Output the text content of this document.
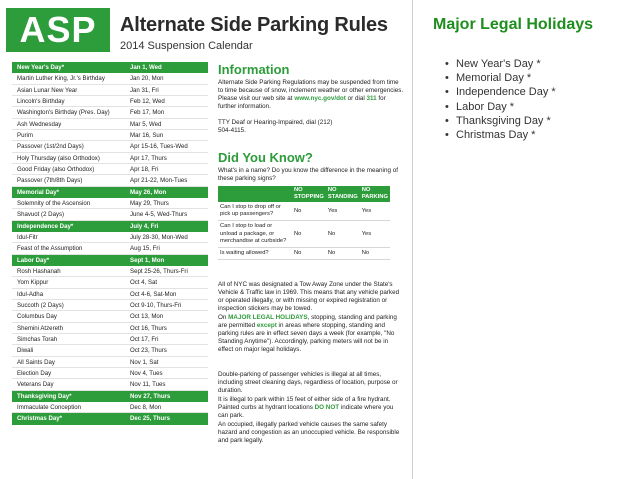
ASP	Alternate Side Parking Rules
2014 Suspension Calendar
New Year's Day*	Jan 1, Wed
Martin Luther King, Jr.'s Birthday	Jan 20, Mon
Asian Lunar New Year	Jan 31, Fri
Lincoln's Birthday	Feb 12, Wed
Washington's Birthday (Pres. Day)	Feb 17, Mon
Ash Wednesday	Mar 5, Wed
Purim	Mar 16, Sun
Passover (1st/2nd Days)	Apr 15-16, Tues-Wed
Holy Thursday (also Orthodox)	Apr 17, Thurs
Good Friday (also Orthodox)	Apr 18, Fri
Passover (7th/8th Days)	Apr 21-22, Mon-Tues
Memorial Day*	May 26, Mon
Solemnity of the Ascension	May 29, Thurs
Shavuot (2 Days)	June 4-5, Wed-Thurs
Independence Day*	July 4, Fri
Idul-Fitr	July 28-30, Mon-Wed
Feast of the Assumption	Aug 15, Fri
Labor Day*	Sept 1, Mon
Rosh Hashanah	Sept 25-26, Thurs-Fri
Yom Kippur	Oct 4, Sat
Idul-Adha	Oct 4-6, Sat-Mon
Succoth (2 Days)	Oct 9-10, Thurs-Fri
Columbus Day	Oct 13, Mon
Shemini Atzereth	Oct 16, Thurs
Simchas Torah	Oct 17, Fri
Diwali	Oct 23, Thurs
All Saints Day	Nov 1, Sat
Election Day	Nov 4, Tues
Veterans Day	Nov 11, Tues
Thanksgiving Day*	Nov 27, Thurs
Immaculate Conception	Dec 8, Mon
Christmas Day*	Dec 25, Thurs
Information
Alternate Side Parking Regulations may be suspended from time to time because of snow, inclement weather or other emergencies. Please visit our web site at www.nyc.gov/dot or dial 311 for further information.
TTY Deaf or Hearing-Impaired, dial (212) 504-4115.
Did You Know?
What's in a name? Do you know the difference in the meaning of these parking signs?
	NO STOPPING	NO STANDING	NO PARKING
Can I stop to drop off or pick up passengers?	No	Yes	Yes
Can I stop to load or unload a package, or merchandise at curbside?	No	No	Yes
Is waiting allowed?	No	No	No
All of NYC was designated a Tow Away Zone under the State's Vehicle & Traffic law in 1969. This means that any vehicle parked or operated illegally, or with missing or expired registration or inspection stickers may be towed.
On MAJOR LEGAL HOLIDAYS, stopping, standing and parking are permitted except in areas where stopping, standing and parking rules are in effect seven days a week (for example, "No Standing Anytime"). Accordingly, parking meters will not be in effect on major legal holidays.
Double-parking of passenger vehicles is illegal at all times, including street cleaning days, regardless of location, purpose or duration.
It is illegal to park within 15 feet of either side of a fire hydrant. Painted curbs at hydrant locations DO NOT indicate where you can park.
An occupied, illegally parked vehicle causes the same safety hazard and congestion as an unoccupied vehicle. Be responsible and park legally.
Major Legal Holidays
• New Year's Day *
• Memorial Day *
• Independence Day *
• Labor Day *
• Thanksgiving Day *
• Christmas Day *
